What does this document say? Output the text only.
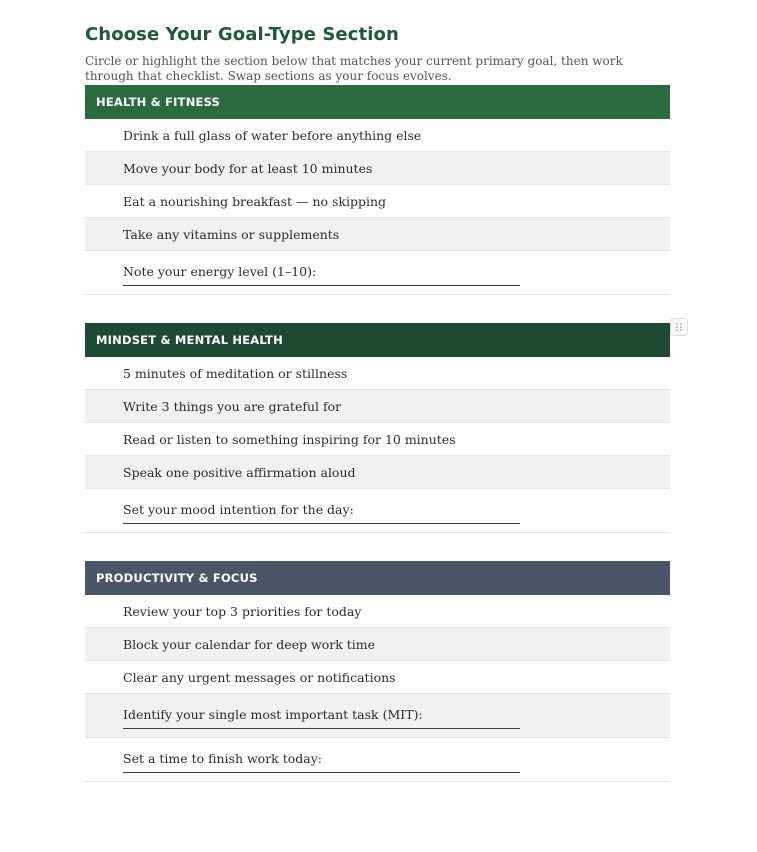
Choose Your Goal-Type Section
Circle or highlight the section below that matches your current primary goal, then work through that checklist. Swap sections as your focus evolves.
HEALTH & FITNESS
Drink a full glass of water before anything else
Move your body for at least 10 minutes
Eat a nourishing breakfast — no skipping
Take any vitamins or supplements
Note your energy level (1–10):
MINDSET & MENTAL HEALTH
5 minutes of meditation or stillness
Write 3 things you are grateful for
Read or listen to something inspiring for 10 minutes
Speak one positive affirmation aloud
Set your mood intention for the day:
PRODUCTIVITY & FOCUS
Review your top 3 priorities for today
Block your calendar for deep work time
Clear any urgent messages or notifications
Identify your single most important task (MIT):
Set a time to finish work today:
